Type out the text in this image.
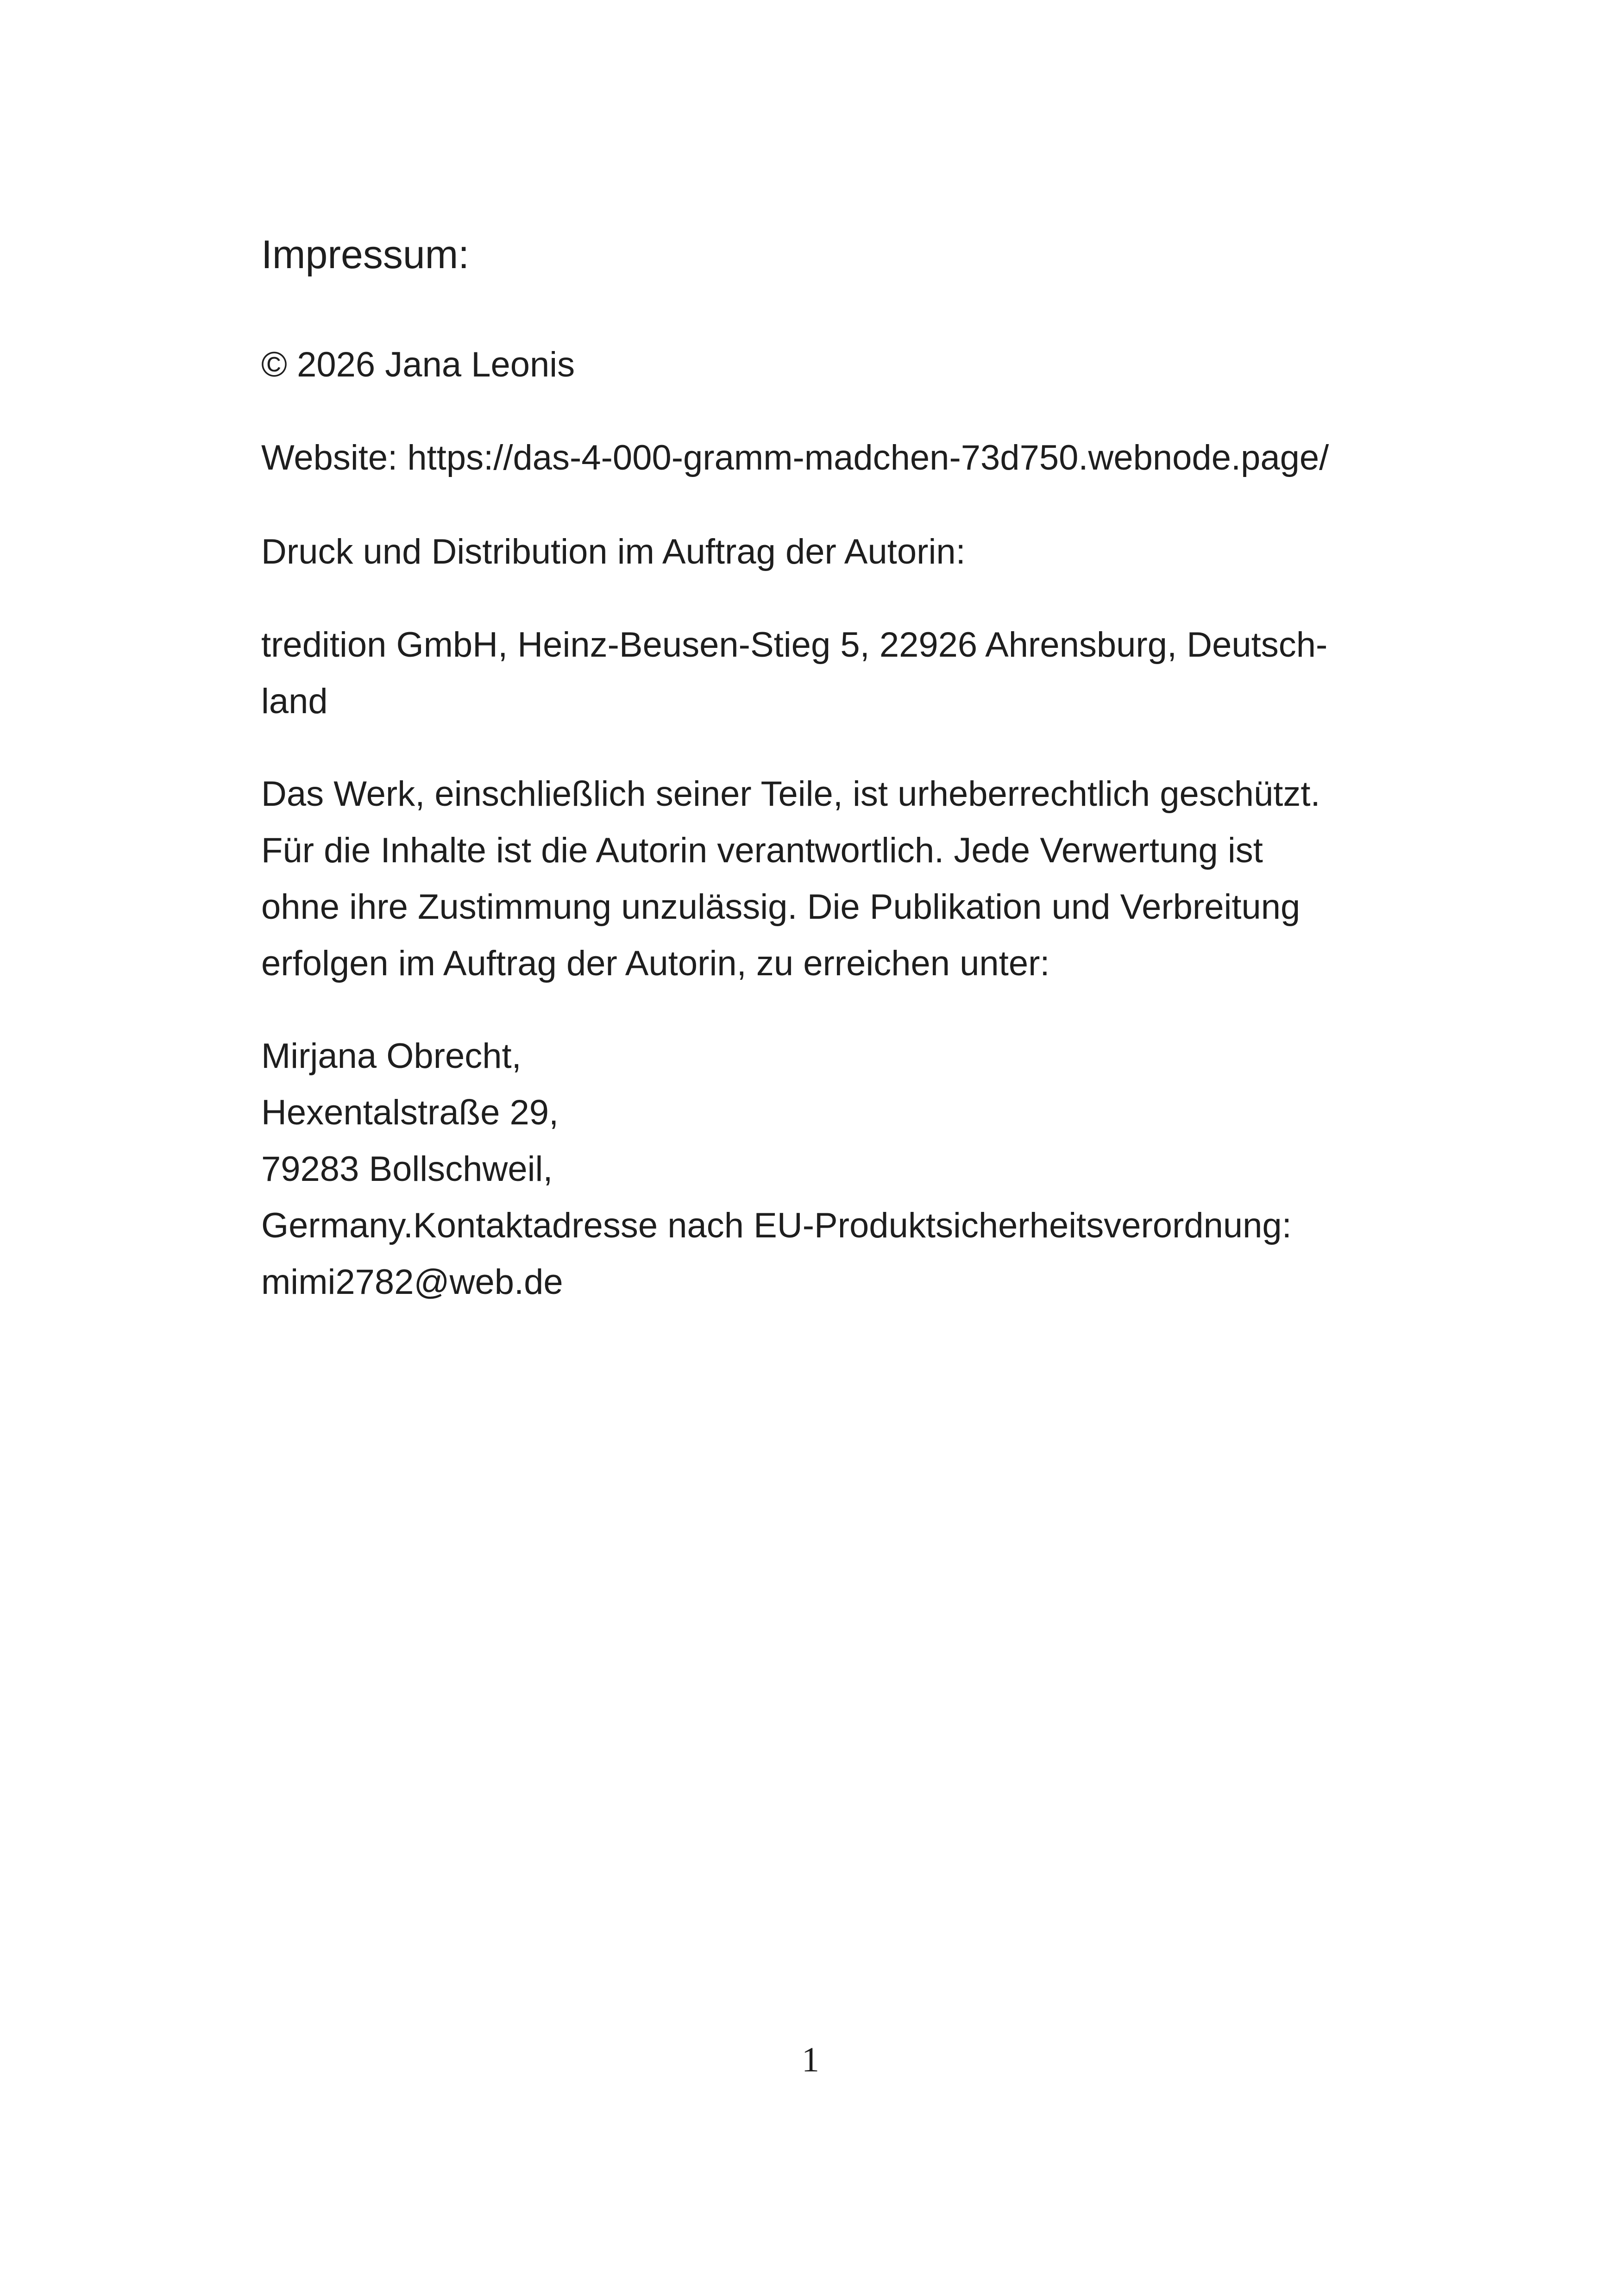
Impressum:
© 2026 Jana Leonis
Website: https://das-4-000-gramm-madchen-73d750.webnode.page/
Druck und Distribution im Auftrag der Autorin:
tredition GmbH, Heinz-Beusen-Stieg 5, 22926 Ahrensburg, Deutsch-
land
Das Werk, einschließlich seiner Teile, ist urheberrechtlich geschützt.
Für die Inhalte ist die Autorin verantwortlich. Jede Verwertung ist
ohne ihre Zustimmung unzulässig. Die Publikation und Verbreitung
erfolgen im Auftrag der Autorin, zu erreichen unter:
Mirjana Obrecht,
Hexentalstraße 29,
79283 Bollschweil,
Germany.Kontaktadresse nach EU-Produktsicherheitsverordnung:
mimi2782@web.de
1
